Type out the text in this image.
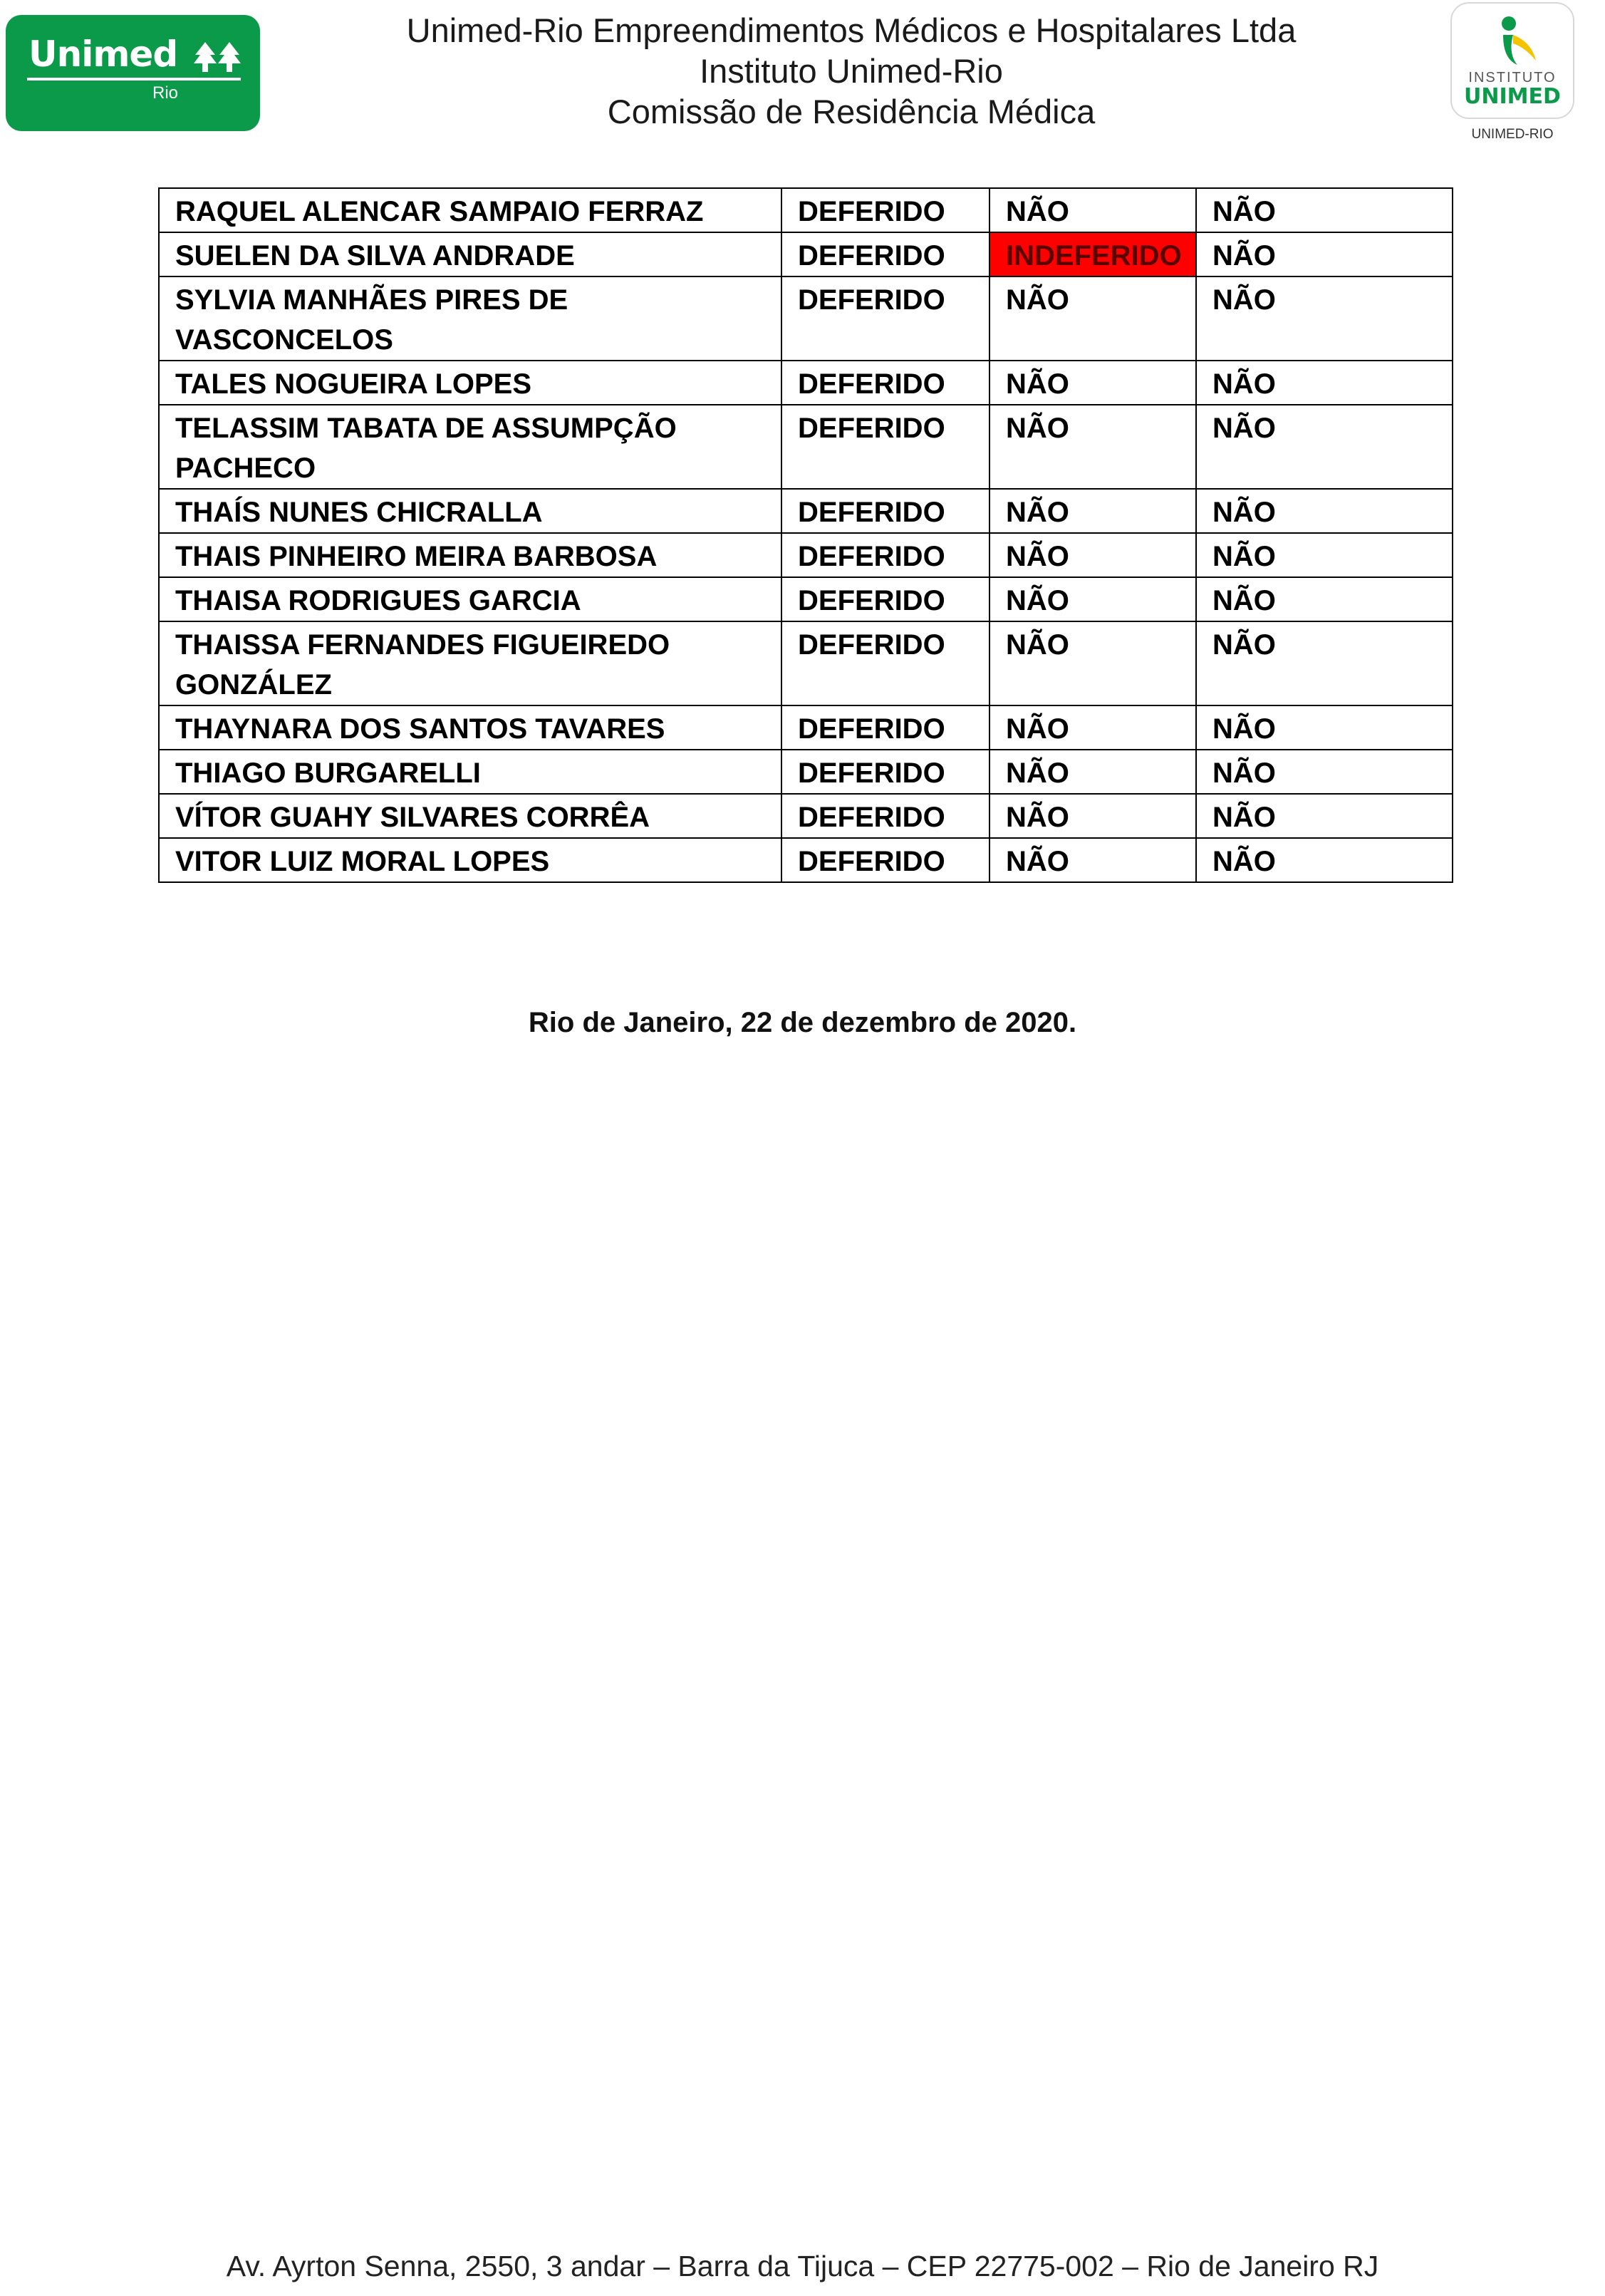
Unimed
Rio
Unimed-Rio Empreendimentos Médicos e Hospitalares Ltda
Instituto Unimed-Rio
Comissão de Residência Médica
INSTITUTO
UNIMED
UNIMED-RIO
RAQUEL ALENCAR SAMPAIO FERRAZ	DEFERIDO	NÃO	NÃO
SUELEN DA SILVA ANDRADE	DEFERIDO	INDEFERIDO	NÃO
SYLVIA MANHÃES PIRES DE VASCONCELOS	DEFERIDO	NÃO	NÃO
TALES NOGUEIRA LOPES	DEFERIDO	NÃO	NÃO
TELASSIM TABATA DE ASSUMPÇÃO PACHECO	DEFERIDO	NÃO	NÃO
THAÍS NUNES CHICRALLA	DEFERIDO	NÃO	NÃO
THAIS PINHEIRO MEIRA BARBOSA	DEFERIDO	NÃO	NÃO
THAISA RODRIGUES GARCIA	DEFERIDO	NÃO	NÃO
THAISSA FERNANDES FIGUEIREDO GONZÁLEZ	DEFERIDO	NÃO	NÃO
THAYNARA DOS SANTOS TAVARES	DEFERIDO	NÃO	NÃO
THIAGO BURGARELLI	DEFERIDO	NÃO	NÃO
VÍTOR GUAHY SILVARES CORRÊA	DEFERIDO	NÃO	NÃO
VITOR LUIZ MORAL LOPES	DEFERIDO	NÃO	NÃO
Rio de Janeiro, 22 de dezembro de 2020.
Av. Ayrton Senna, 2550, 3 andar – Barra da Tijuca – CEP 22775-002 – Rio de Janeiro RJ
